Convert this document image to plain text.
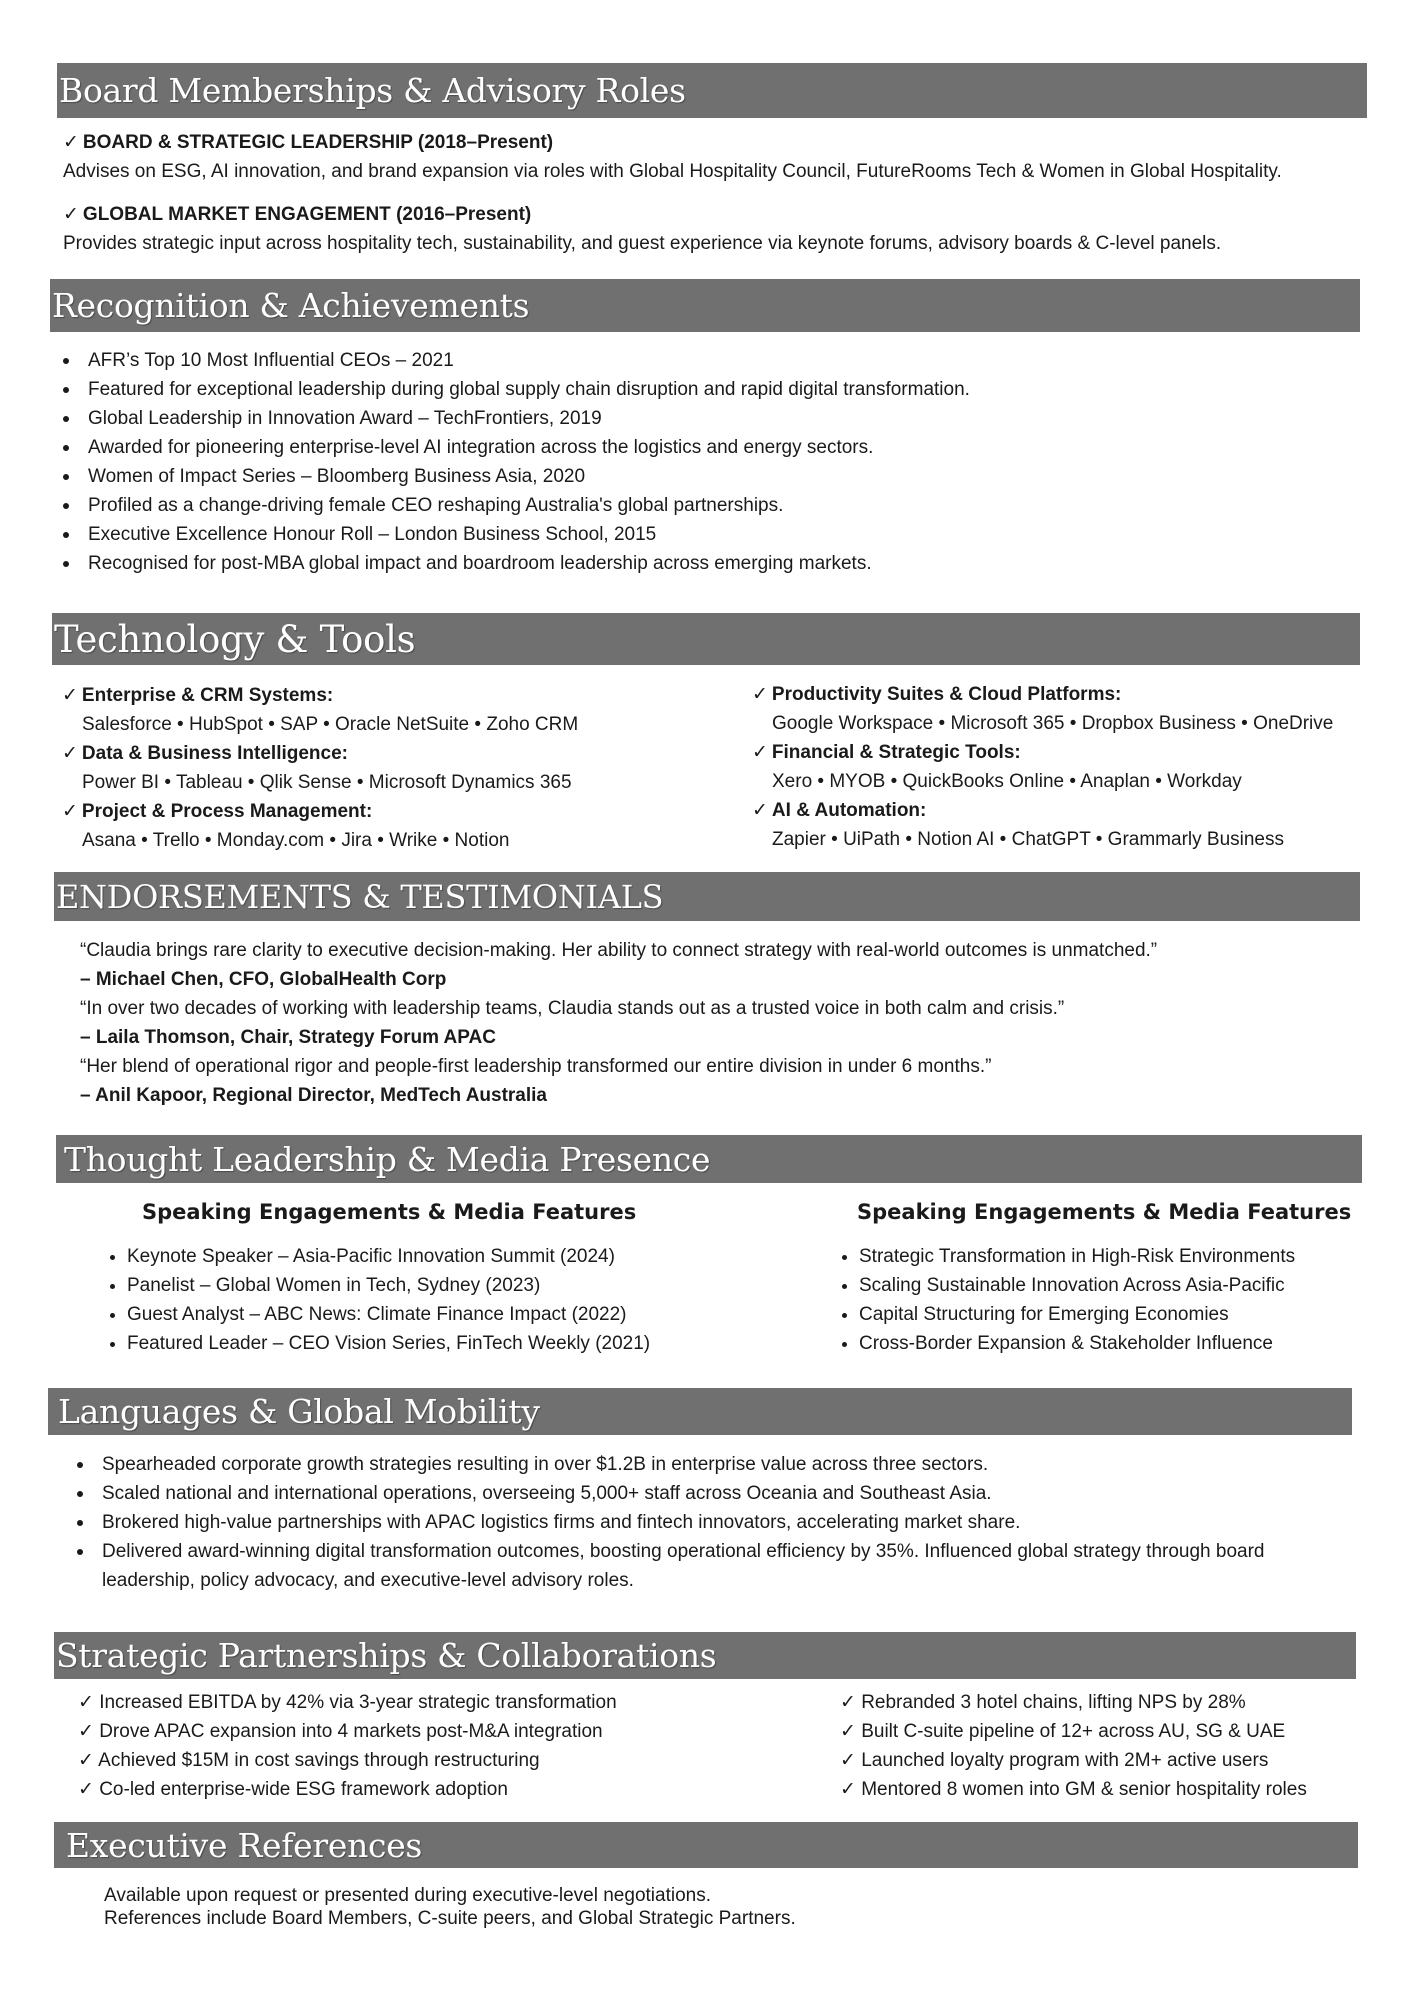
Board Memberships & Advisory Roles
✓ BOARD & STRATEGIC LEADERSHIP (2018–Present)
Advises on ESG, AI innovation, and brand expansion via roles with Global Hospitality Council, FutureRooms Tech & Women in Global Hospitality.
✓ GLOBAL MARKET ENGAGEMENT (2016–Present)
Provides strategic input across hospitality tech, sustainability, and guest experience via keynote forums, advisory boards & C-level panels.
Recognition & Achievements
AFR’s Top 10 Most Influential CEOs – 2021
Featured for exceptional leadership during global supply chain disruption and rapid digital transformation.
Global Leadership in Innovation Award – TechFrontiers, 2019
Awarded for pioneering enterprise-level AI integration across the logistics and energy sectors.
Women of Impact Series – Bloomberg Business Asia, 2020
Profiled as a change-driving female CEO reshaping Australia's global partnerships.
Executive Excellence Honour Roll – London Business School, 2015
Recognised for post-MBA global impact and boardroom leadership across emerging markets.
Technology & Tools
✓ Enterprise & CRM Systems:
Salesforce • HubSpot • SAP • Oracle NetSuite • Zoho CRM
✓ Data & Business Intelligence:
Power BI • Tableau • Qlik Sense • Microsoft Dynamics 365
✓ Project & Process Management:
Asana • Trello • Monday.com • Jira • Wrike • Notion
✓ Productivity Suites & Cloud Platforms:
Google Workspace • Microsoft 365 • Dropbox Business • OneDrive
✓ Financial & Strategic Tools:
Xero • MYOB • QuickBooks Online • Anaplan • Workday
✓ AI & Automation:
Zapier • UiPath • Notion AI • ChatGPT • Grammarly Business
ENDORSEMENTS & TESTIMONIALS
“Claudia brings rare clarity to executive decision-making. Her ability to connect strategy with real-world outcomes is unmatched.”
– Michael Chen, CFO, GlobalHealth Corp
“In over two decades of working with leadership teams, Claudia stands out as a trusted voice in both calm and crisis.”
– Laila Thomson, Chair, Strategy Forum APAC
“Her blend of operational rigor and people-first leadership transformed our entire division in under 6 months.”
– Anil Kapoor, Regional Director, MedTech Australia
Thought Leadership & Media Presence
Speaking Engagements & Media Features
Keynote Speaker – Asia-Pacific Innovation Summit (2024)
Panelist – Global Women in Tech, Sydney (2023)
Guest Analyst – ABC News: Climate Finance Impact (2022)
Featured Leader – CEO Vision Series, FinTech Weekly (2021)
Speaking Engagements & Media Features
Strategic Transformation in High-Risk Environments
Scaling Sustainable Innovation Across Asia-Pacific
Capital Structuring for Emerging Economies
Cross-Border Expansion & Stakeholder Influence
Languages & Global Mobility
Spearheaded corporate growth strategies resulting in over $1.2B in enterprise value across three sectors.
Scaled national and international operations, overseeing 5,000+ staff across Oceania and Southeast Asia.
Brokered high-value partnerships with APAC logistics firms and fintech innovators, accelerating market share.
Delivered award-winning digital transformation outcomes, boosting operational efficiency by 35%. Influenced global strategy through board leadership, policy advocacy, and executive-level advisory roles.
Strategic Partnerships & Collaborations
✓ Increased EBITDA by 42% via 3-year strategic transformation
✓ Drove APAC expansion into 4 markets post-M&A integration
✓ Achieved $15M in cost savings through restructuring
✓ Co-led enterprise-wide ESG framework adoption
✓ Rebranded 3 hotel chains, lifting NPS by 28%
✓ Built C-suite pipeline of 12+ across AU, SG & UAE
✓ Launched loyalty program with 2M+ active users
✓ Mentored 8 women into GM & senior hospitality roles
Executive References
Available upon request or presented during executive-level negotiations.
References include Board Members, C-suite peers, and Global Strategic Partners.
